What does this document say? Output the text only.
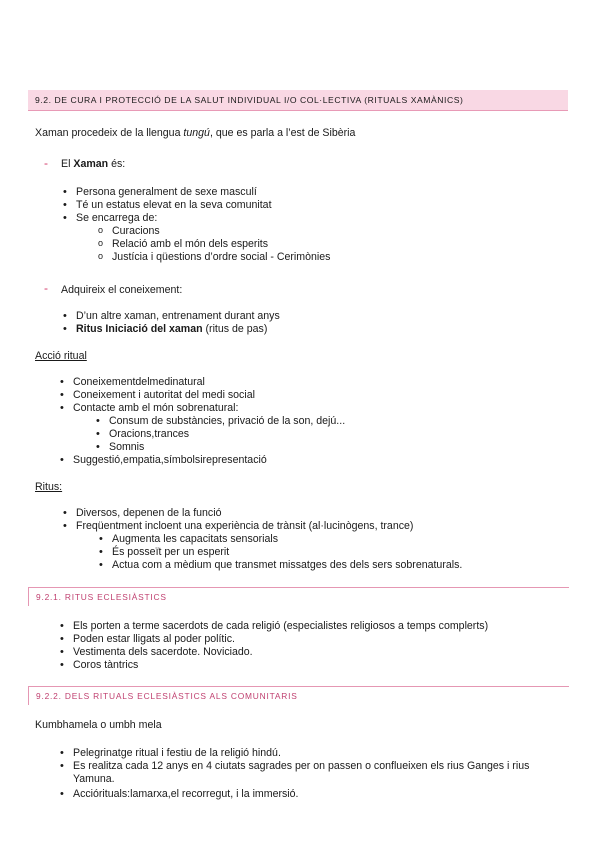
9.2. DE CURA I PROTECCIÓ DE LA SALUT INDIVIDUAL I/O COL·LECTIVA (RITUALS XAMÀNICS)
Xaman procedeix de la llengua tungú, que es parla a l’est de Sibèria
- El Xaman és:
• Persona generalment de sexe masculí
• Té un estatus elevat en la seva comunitat
• Se encarrega de:
o Curacions
o Relació amb el món dels esperits
o Justícia i qüestions d’ordre social - Cerimònies
- Adquireix el coneixement:
• D’un altre xaman, entrenament durant anys
• Ritus Iniciació del xaman (ritus de pas)
Acció ritual
• Coneixementdelmedinatural
• Coneixement i autoritat del medi social
• Contacte amb el món sobrenatural:
• Consum de substàncies, privació de la son, dejú...
• Oracions,trances
• Somnis
• Suggestió,empatia,símbolsirepresentació
Ritus:
• Diversos, depenen de la funció
• Freqüentment incloent una experiència de trànsit (al·lucinògens, trance)
• Augmenta les capacitats sensorials
• És posseït per un esperit
• Actua com a mèdium que transmet missatges des dels sers sobrenaturals.
9.2.1. RITUS ECLESIÀSTICS
• Els porten a terme sacerdots de cada religió (especialistes religiosos a temps complerts)
• Poden estar lligats al poder polític.
• Vestimenta dels sacerdote. Noviciado.
• Coros tàntrics
9.2.2. DELS RITUALS ECLESIÀSTICS ALS COMUNITARIS
Kumbhamela o umbh mela
• Pelegrinatge ritual i festiu de la religió hindú.
• Es realitza cada 12 anys en 4 ciutats sagrades per on passen o conflueixen els rius Ganges i rius
Yamuna.
• Acciórituals:lamarxa,el recorregut, i la immersió.
